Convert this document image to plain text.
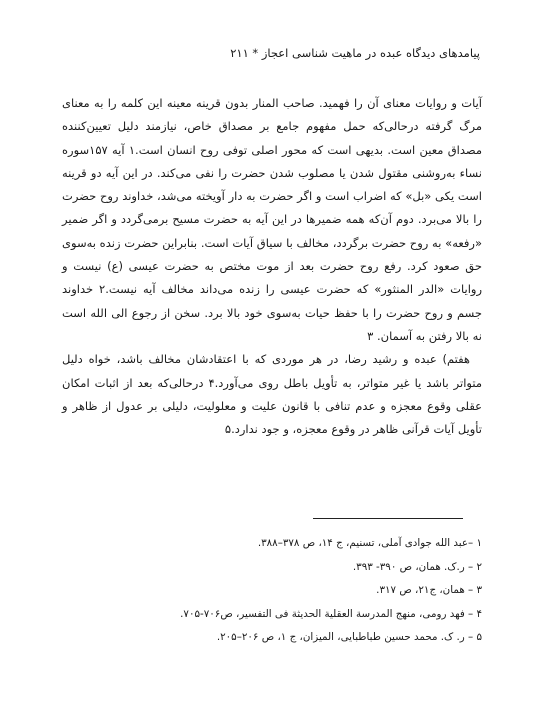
پیامدهای دیدگاه عبده در ماهیت شناسی اعجاز * ۲۱۱

آیات و روایات معنای آن را فهمید. صاحب المنار بدون قرینه معینه این کلمه را به معنای مرگ گرفته درحالی‌که حمل مفهوم جامع بر مصداق خاص، نیازمند دلیل تعیین‌کننده مصداق معین است. بدیهی است که محور اصلی توفی روح انسان است.۱ آیه ۱۵۷سوره نساء به‌روشنی مقتول شدن یا مصلوب شدن حضرت را نفی می‌کند. در این آیه دو قرینه است یکی «بل» که اضراب است و اگر حضرت به دار آویخته می‌شد، خداوند روح حضرت را بالا می‌برد. دوم آن‌که همه ضمیرها در این آیه به حضرت مسیح برمی‌گردد و اگر ضمیر «رفعه» به روح حضرت برگردد، مخالف با سیاق آیات است. بنابراین حضرت زنده به‌سوی حق صعود کرد. رفع روح حضرت بعد از موت مختص به حضرت عیسی (ع) نیست و روایات «الدر المنثور» که حضرت عیسی را زنده می‌داند مخالف آیه نیست.۲ خداوند جسم و روح حضرت را با حفظ حیات به‌سوی خود بالا برد. سخن از رجوع الی الله است نه بالا رفتن به آسمان. ۳

هفتم) عبده و رشید رضا، در هر موردی که با اعتقادشان مخالف باشد، خواه دلیل متواتر باشد یا غیر متواتر، به تأویل باطل روی می‌آورد.۴ درحالی‌که بعد از اثبات امکان عقلی وقوع معجزه و عدم تنافی با قانون علیت و معلولیت، دلیلی بر عدول از ظاهر و تأویل آیات قرآنی ظاهر در وقوع معجزه، و جود ندارد.۵

۱ –عبد الله جوادی آملی، تسنیم، ج ۱۴، ص ۳۷۸–۳۸۸.
۲ – ر.ک. همان، ص ۳۹۰- ۳۹۳.
۳ – همان، ج۲۱، ص ۳۱۷.
۴ – فهد رومی، منهج المدرسة العقلیة الحدیثة فی التفسیر، ص۷۰۶-۷۰۵.
۵ – ر. ک. محمد حسین طباطبایی، المیزان، ج ۱، ص ۲۰۶–۲۰۵.
